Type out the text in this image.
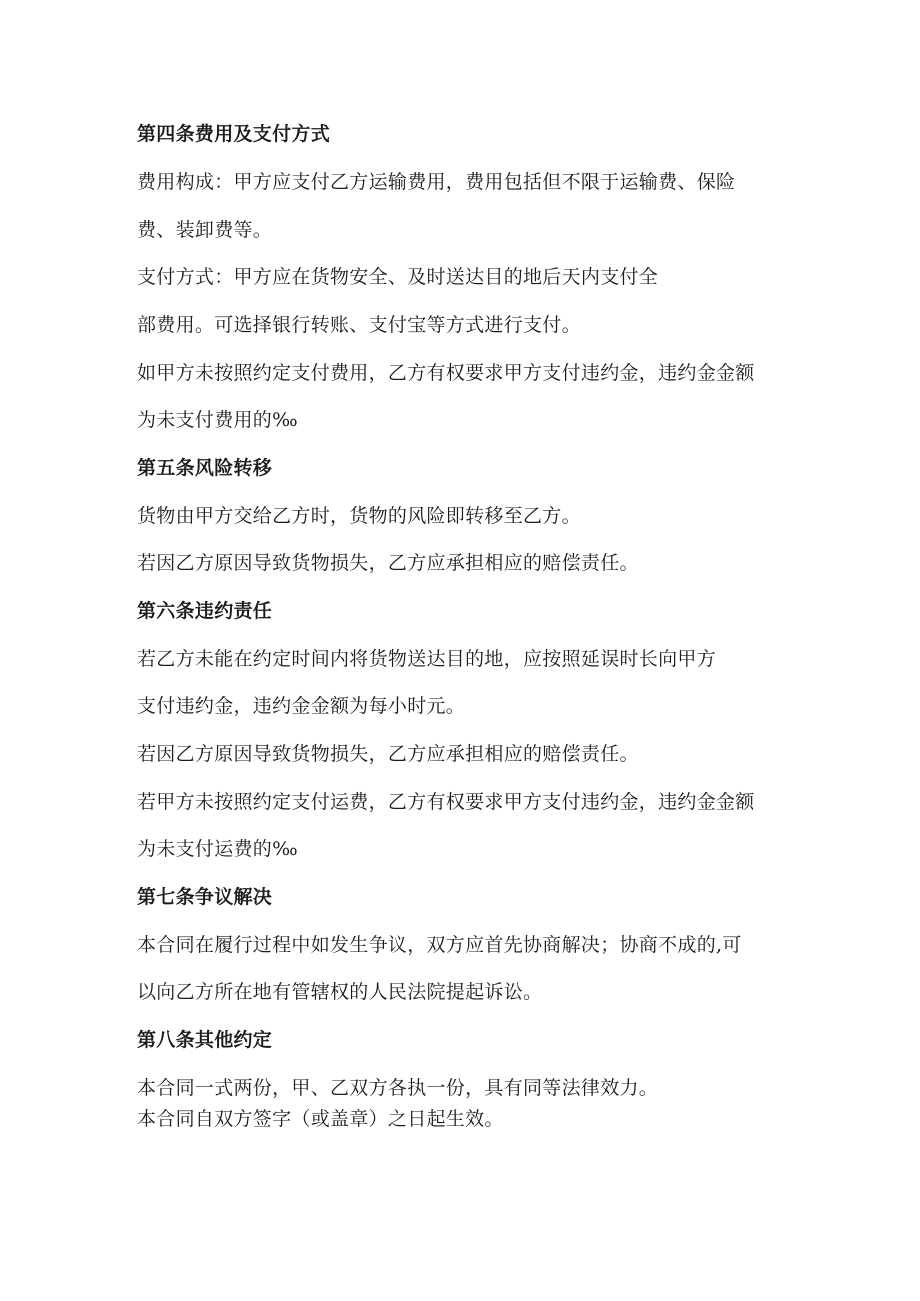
第四条费用及支付方式
费用构成：甲方应支付乙方运输费用，费用包括但不限于运输费、保险
费、装卸费等。
支付方式：甲方应在货物安全、及时送达目的地后天内支付全
部费用。可选择银行转账、支付宝等方式进行支付。
如甲方未按照约定支付费用，乙方有权要求甲方支付违约金，违约金金额
为未支付费用的‰
第五条风险转移
货物由甲方交给乙方时，货物的风险即转移至乙方。
若因乙方原因导致货物损失，乙方应承担相应的赔偿责任。
第六条违约责任
若乙方未能在约定时间内将货物送达目的地，应按照延误时长向甲方
支付违约金，违约金金额为每小时元。
若因乙方原因导致货物损失，乙方应承担相应的赔偿责任。
若甲方未按照约定支付运费，乙方有权要求甲方支付违约金，违约金金额
为未支付运费的‰
第七条争议解决
本合同在履行过程中如发生争议，双方应首先协商解决；协商不成的,可
以向乙方所在地有管辖权的人民法院提起诉讼。
第八条其他约定
本合同一式两份，甲、乙双方各执一份，具有同等法律效力。
本合同自双方签字（或盖章）之日起生效。
